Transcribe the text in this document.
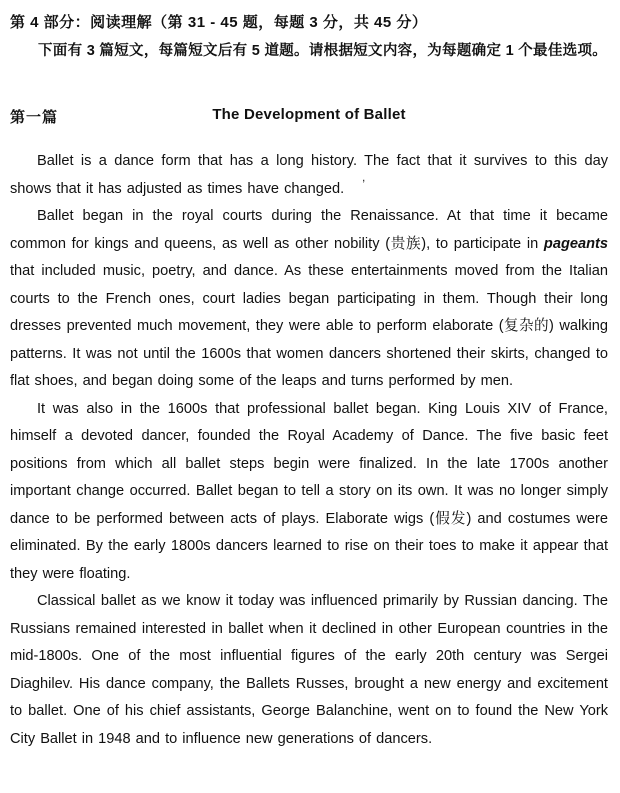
第 4 部分：阅读理解（第 31 - 45 题，每题 3 分，共 45 分）
下面有 3 篇短文，每篇短文后有 5 道题。请根据短文内容，为每题确定 1 个最佳选项。
第一篇	The Development of Ballet

Ballet is a dance form that has a long history. The fact that it survives to this day shows that it has adjusted as times have changed.

Ballet began in the royal courts during the Renaissance. At that time it became common for kings and queens, as well as other nobility (贵族), to participate in pageants that included music, poetry, and dance. As these entertainments moved from the Italian courts to the French ones, court ladies began participating in them. Though their long dresses prevented much movement, they were able to perform elaborate (复杂的) walking patterns. It was not until the 1600s that women dancers shortened their skirts, changed to flat shoes, and began doing some of the leaps and turns performed by men.

It was also in the 1600s that professional ballet began. King Louis XIV of France, himself a devoted dancer, founded the Royal Academy of Dance. The five basic feet positions from which all ballet steps begin were finalized. In the late 1700s another important change occurred. Ballet began to tell a story on its own. It was no longer simply dance to be performed between acts of plays. Elaborate wigs (假发) and costumes were eliminated. By the early 1800s dancers learned to rise on their toes to make it appear that they were floating.

Classical ballet as we know it today was influenced primarily by Russian dancing. The Russians remained interested in ballet when it declined in other European countries in the mid-1800s. One of the most influential figures of the early 20th century was Sergei Diaghilev. His dance company, the Ballets Russes, brought a new energy and excitement to ballet. One of his chief assistants, George Balanchine, went on to found the New York City Ballet in 1948 and to influence new generations of dancers.

,
